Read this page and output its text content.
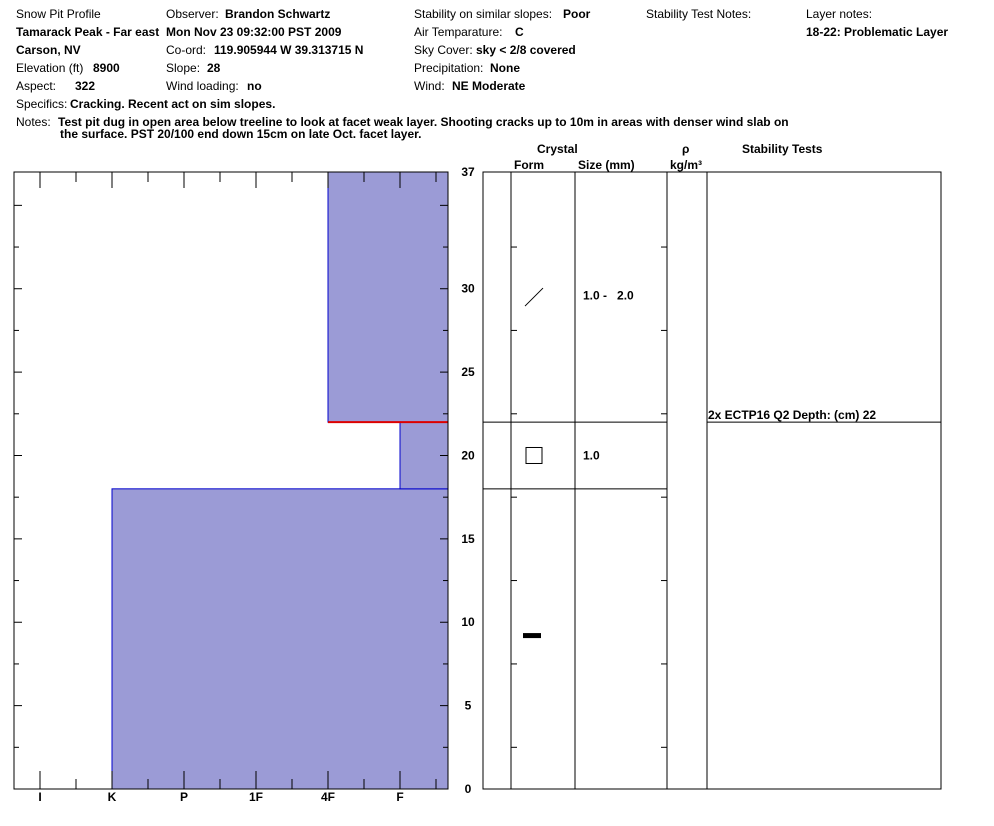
Snow Pit Profile
Tamarack Peak - Far east
Carson, NV
Elevation (ft) 8900
Aspect: 322
Observer: Brandon Schwartz
Mon Nov 23 09:32:00 PST 2009
Co-ord: 119.905944 W 39.313715 N
Slope: 28
Wind loading: no
Stability on similar slopes: Poor
Air Temparature: C
Sky Cover: sky < 2/8 covered
Precipitation: None
Wind: NE Moderate
Stability Test Notes:	Layer notes:
18-22: Problematic Layer
Specifics: Cracking. Recent act on sim slopes.
Notes: Test pit dug in open area below treeline to look at facet weak layer. Shooting cracks up to 10m in areas with denser wind slab on
the surface. PST 20/100 end down 15cm on late Oct. facet layer.
Crystal
Form	Size (mm)
ρ
kg/m³
Stability Tests
I	K	P	1F	4F	F
0
5
10
15
20
25
30
37
2x ECTP16 Q2 Depth: (cm) 22
1.0
1.0 -   2.0
